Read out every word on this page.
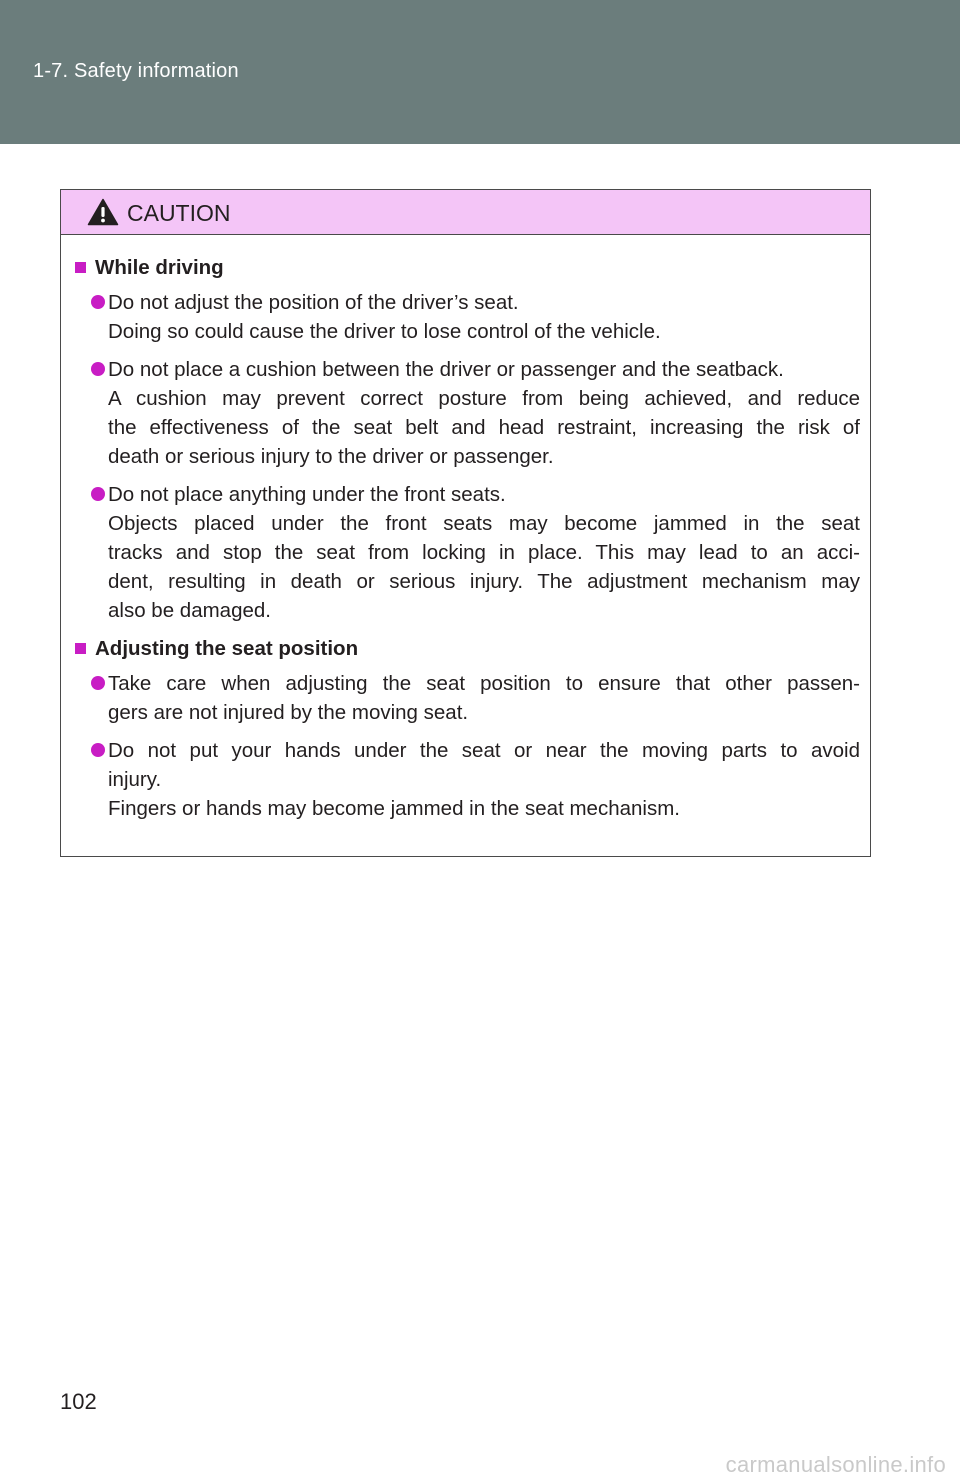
1-7. Safety information
CAUTION
While driving
Do not adjust the position of the driver’s seat.
Doing so could cause the driver to lose control of the vehicle.
Do not place a cushion between the driver or passenger and the seatback.
A cushion may prevent correct posture from being achieved, and reduce
the effectiveness of the seat belt and head restraint, increasing the risk of
death or serious injury to the driver or passenger.
Do not place anything under the front seats.
Objects placed under the front seats may become jammed in the seat
tracks and stop the seat from locking in place. This may lead to an acci-
dent, resulting in death or serious injury. The adjustment mechanism may
also be damaged.
Adjusting the seat position
Take care when adjusting the seat position to ensure that other passen-
gers are not injured by the moving seat.
Do not put your hands under the seat or near the moving parts to avoid
injury.
Fingers or hands may become jammed in the seat mechanism.
102
carmanualsonline.info
